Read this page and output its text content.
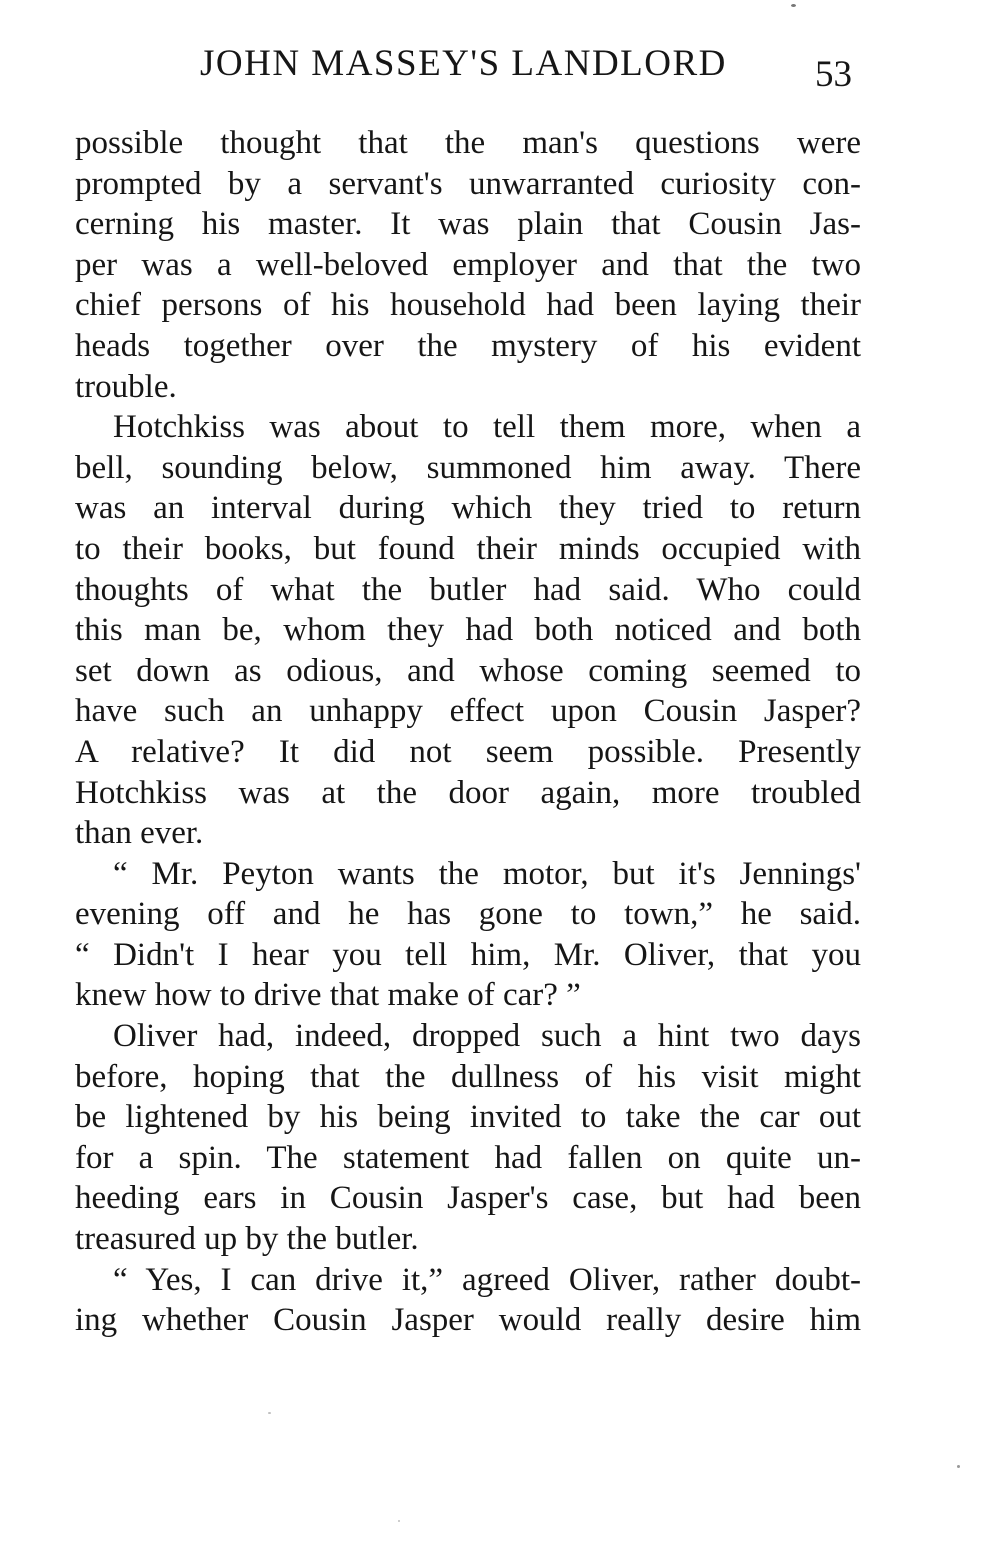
JOHN MASSEY'S LANDLORD 53
possible thought that the man's questions were
prompted by a servant's unwarranted curiosity con-
cerning his master. It was plain that Cousin Jas-
per was a well-beloved employer and that the two
chief persons of his household had been laying their
heads together over the mystery of his evident
trouble.
Hotchkiss was about to tell them more, when a
bell, sounding below, summoned him away. There
was an interval during which they tried to return
to their books, but found their minds occupied with
thoughts of what the butler had said. Who could
this man be, whom they had both noticed and both
set down as odious, and whose coming seemed to
have such an unhappy effect upon Cousin Jasper?
A relative? It did not seem possible. Presently
Hotchkiss was at the door again, more troubled
than ever.
“ Mr. Peyton wants the motor, but it's Jennings'
evening off and he has gone to town,” he said.
“ Didn't I hear you tell him, Mr. Oliver, that you
knew how to drive that make of car? ”
Oliver had, indeed, dropped such a hint two days
before, hoping that the dullness of his visit might
be lightened by his being invited to take the car out
for a spin. The statement had fallen on quite un-
heeding ears in Cousin Jasper's case, but had been
treasured up by the butler.
“ Yes, I can drive it,” agreed Oliver, rather doubt-
ing whether Cousin Jasper would really desire him
